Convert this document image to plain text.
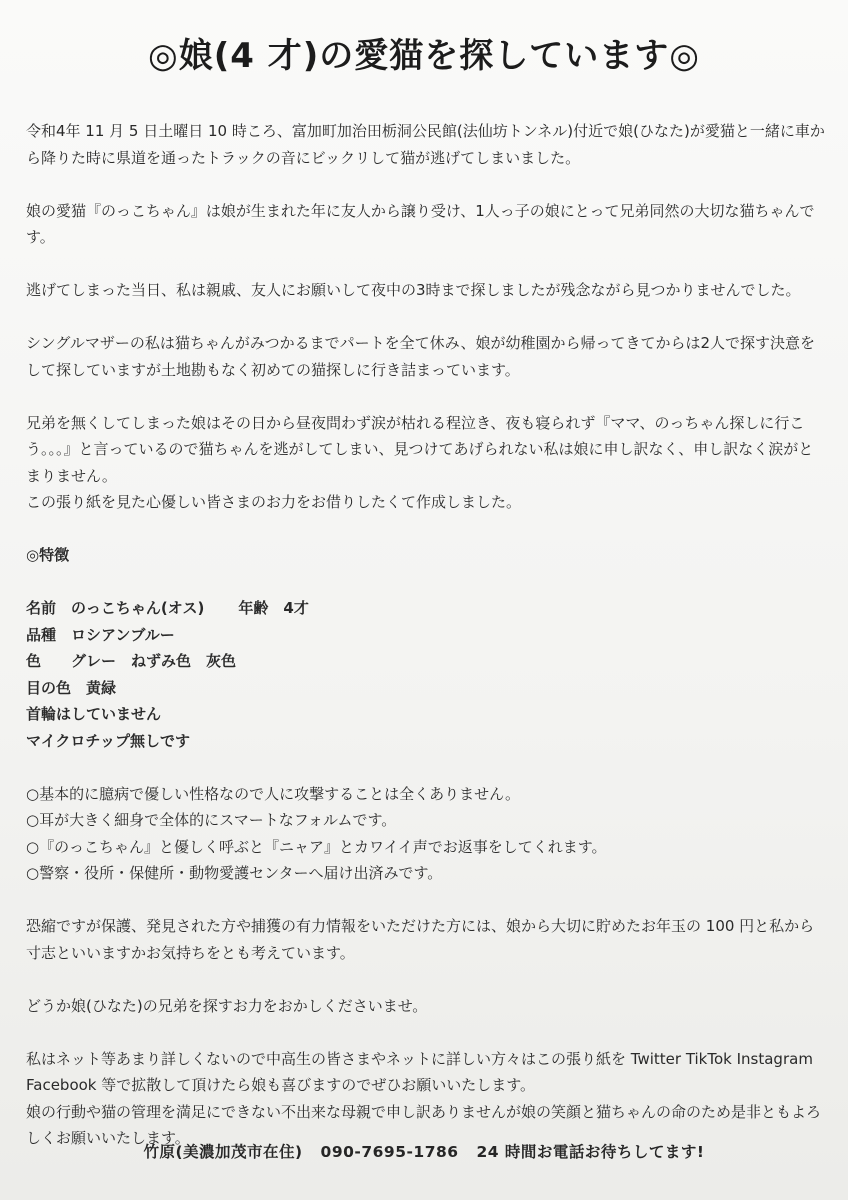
◎娘(4 才)の愛猫を探しています◎

令和4年 11 月 5 日土曜日 10 時ころ、富加町加治田栃洞公民館(法仙坊トンネル)付近で娘(ひなた)が愛猫と一緒に車から降りた時に県道を通ったトラックの音にビックリして猫が逃げてしまいました。

娘の愛猫『のっこちゃん』は娘が生まれた年に友人から譲り受け、1人っ子の娘にとって兄弟同然の大切な猫ちゃんです。

逃げてしまった当日、私は親戚、友人にお願いして夜中の3時まで探しましたが残念ながら見つかりませんでした。

シングルマザーの私は猫ちゃんがみつかるまでパートを全て休み、娘が幼稚園から帰ってきてからは2人で探す決意をして探していますが土地勘もなく初めての猫探しに行き詰まっています。

兄弟を無くしてしまった娘はその日から昼夜問わず涙が枯れる程泣き、夜も寝られず『ママ、のっちゃん探しに行こう。。。』と言っているので猫ちゃんを逃がしてしまい、見つけてあげられない私は娘に申し訳なく、申し訳なく涙がとまりません。

この張り紙を見た心優しい皆さまのお力をお借りしたくて作成しました。

◎特徴
名前　のっこちゃん(オス) 年齢　4才
品種　ロシアンブルー
色　　グレー　ねずみ色　灰色
目の色　黄緑
首輪はしていません
マイクロチップ無しです
○基本的に臆病で優しい性格なので人に攻撃することは全くありません。
○耳が大きく細身で全体的にスマートなフォルムです。
○『のっこちゃん』と優しく呼ぶと『ニャア』とカワイイ声でお返事をしてくれます。
○警察・役所・保健所・動物愛護センターへ届け出済みです。

恐縮ですが保護、発見された方や捕獲の有力情報をいただけた方には、娘から大切に貯めたお年玉の 100 円と私から寸志といいますかお気持ちをとも考えています。

どうか娘(ひなた)の兄弟を探すお力をおかしくださいませ。

私はネット等あまり詳しくないので中高生の皆さまやネットに詳しい方々はこの張り紙を Twitter TikTok Instagram Facebook 等で拡散して頂けたら娘も喜びますのでぜひお願いいたします。

娘の行動や猫の管理を満足にできない不出来な母親で申し訳ありませんが娘の笑顔と猫ちゃんの命のため是非ともよろしくお願いいたします。

竹原(美濃加茂市在住) 090-7695-1786 24 時間お電話お待ちしてます!
